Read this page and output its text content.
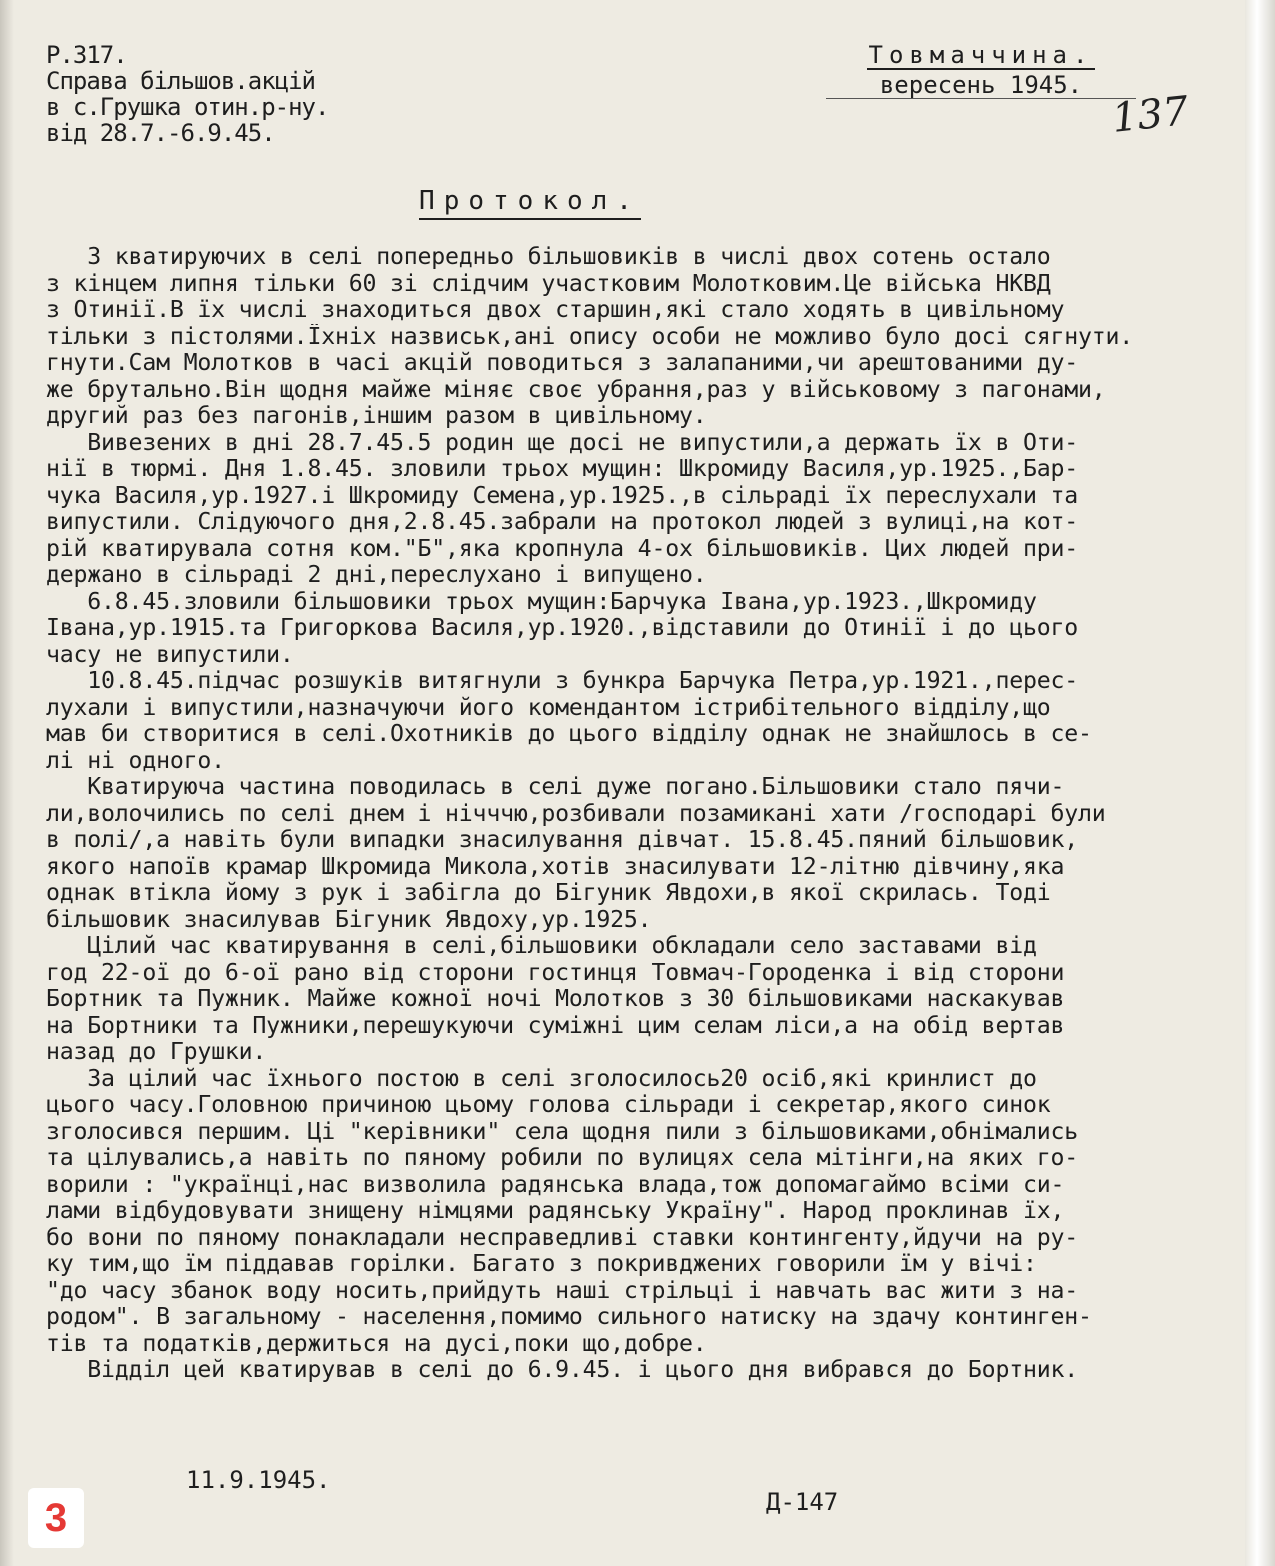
Р.317.
Справа більшов.акцій
в с.Грушка отин.р-ну.
від 28.7.-6.9.45.
Товмаччина.
вересень 1945.
137
Протокол.
З кватируючих в селі попередньо більшовиків в числі двох сотень остало
з кінцем липня тільки 60 зі слідчим участковим Молотковим.Це війська НКВД
з Отинії.В їх числі знаходиться двох старшин,які стало ходять в цивільному
тільки з пістолями.Їхніх назвиськ,ані опису особи не можливо було досі сягнути.
гнути.Сам Молотков в часі акцій поводиться з залапаними,чи арештованими ду-
же брутально.Він щодня майже міняє своє убрання,раз у військовому з пагонами,
другий раз без пагонів,іншим разом в цивільному.
Вивезених в дні 28.7.45.5 родин ще досі не випустили,а держать їх в Оти-
нії в тюрмі. Дня 1.8.45. зловили трьох мущин: Шкромиду Василя,ур.1925.,Бар-
чука Василя,ур.1927.і Шкромиду Семена,ур.1925.,в сільраді їх переслухали та
випустили. Слідуючого дня,2.8.45.забрали на протокол людей з вулиці,на кот-
рій кватирувала сотня ком."Б",яка кропнула 4-ох більшовиків. Цих людей при-
держано в сільраді 2 дні,переслухано і випущено.
6.8.45.зловили більшовики трьох мущин:Барчука Івана,ур.1923.,Шкромиду
Івана,ур.1915.та Григоркова Василя,ур.1920.,відставили до Отинії і до цього
часу не випустили.
10.8.45.підчас розшуків витягнули з бункра Барчука Петра,ур.1921.,перес-
лухали і випустили,назначуючи його комендантом істрибітельного відділу,що
мав би створитися в селі.Охотників до цього відділу однак не знайшлось в се-
лі ні одного.
Кватируюча частина поводилась в селі дуже погано.Більшовики стало пячи-
ли,волочились по селі днем і нічччю,розбивали позамикані хати /господарі були
в полі/,а навіть були випадки знасилування дівчат. 15.8.45.пяний більшовик,
якого напоїв крамар Шкромида Микола,хотів знасилувати 12-літню дівчину,яка
однак втікла йому з рук і забігла до Бігуник Явдохи,в якої скрилась. Тоді
більшовик знасилував Бігуник Явдоху,ур.1925.
Цілий час кватирування в селі,більшовики обкладали село заставами від
год 22-ої до 6-ої рано від сторони гостинця Товмач-Городенка і від сторони
Бортник та Пужник. Майже кожної ночі Молотков з 30 більшовиками наскакував
на Бортники та Пужники,перешукуючи суміжні цим селам ліси,а на обід вертав
назад до Грушки.
За цілий час їхнього постою в селі зголосилось20 осіб,які кринлист до
цього часу.Головною причиною цьому голова сільради і секретар,якого синок
зголосився першим. Ці "керівники" села щодня пили з більшовиками,обнімались
та цілувались,а навіть по пяному робили по вулицях села мітінги,на яких го-
ворили : "українці,нас визволила радянська влада,тож допомагаймо всіми си-
лами відбудовувати знищену німцями радянську Україну". Народ проклинав їх,
бо вони по пяному понакладали несправедливі ставки контингенту,йдучи на ру-
ку тим,що їм піддавав горілки. Багато з покривджених говорили їм у вічі:
"до часу збанок воду носить,прийдуть наші стрільці і навчать вас жити з на-
родом". В загальному - населення,помимо сильного натиску на здачу континген-
тів та податків,держиться на дусі,поки що,добре.
Відділ цей кватирував в селі до 6.9.45. і цього дня вибрався до Бортник.
11.9.1945.
Д-147
3
